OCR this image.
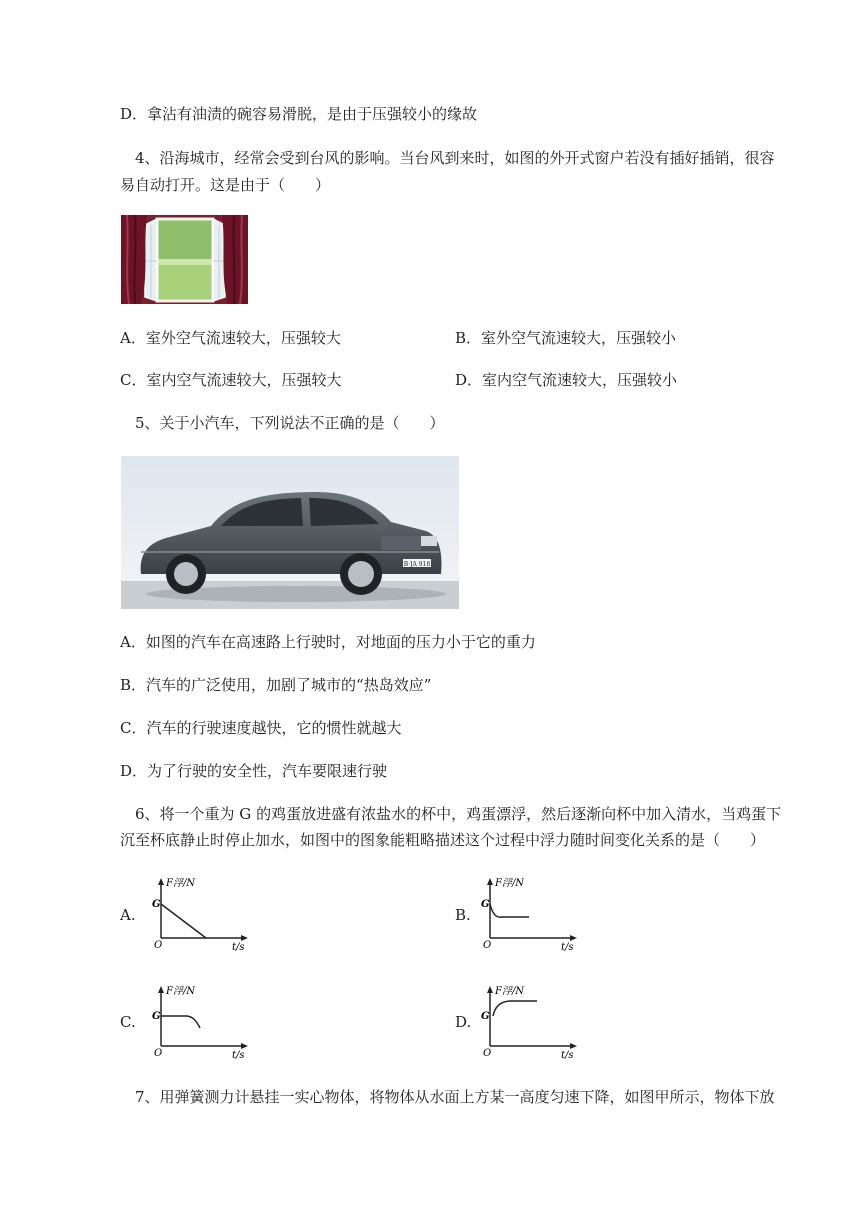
D．拿沾有油渍的碗容易滑脱，是由于压强较小的缘故
4、沿海城市，经常会受到台风的影响。当台风到来时，如图的外开式窗户若没有插好插销，很容
易自动打开。这是由于（　　）
A．室外空气流速较大，压强较大	B．室外空气流速较大，压强较小
C．室内空气流速较大，压强较大	D．室内空气流速较大，压强较小
5、关于小汽车，下列说法不正确的是（　　）
B·JA 918
A．如图的汽车在高速路上行驶时，对地面的压力小于它的重力
B．汽车的广泛使用，加剧了城市的“热岛效应”
C．汽车的行驶速度越快，它的惯性就越大
D．为了行驶的安全性，汽车要限速行驶
6、将一个重为 G 的鸡蛋放进盛有浓盐水的杯中，鸡蛋漂浮，然后逐渐向杯中加入清水，当鸡蛋下
沉至杯底静止时停止加水，如图中的图象能粗略描述这个过程中浮力随时间变化关系的是（　　）
A.
F浮/N
G
O	t/s
B.
F浮/N
G
O	t/s
C.
F浮/N
G
O	t/s
D.
F浮/N
G
O	t/s
7、用弹簧测力计悬挂一实心物体，将物体从水面上方某一高度匀速下降，如图甲所示，物体下放
